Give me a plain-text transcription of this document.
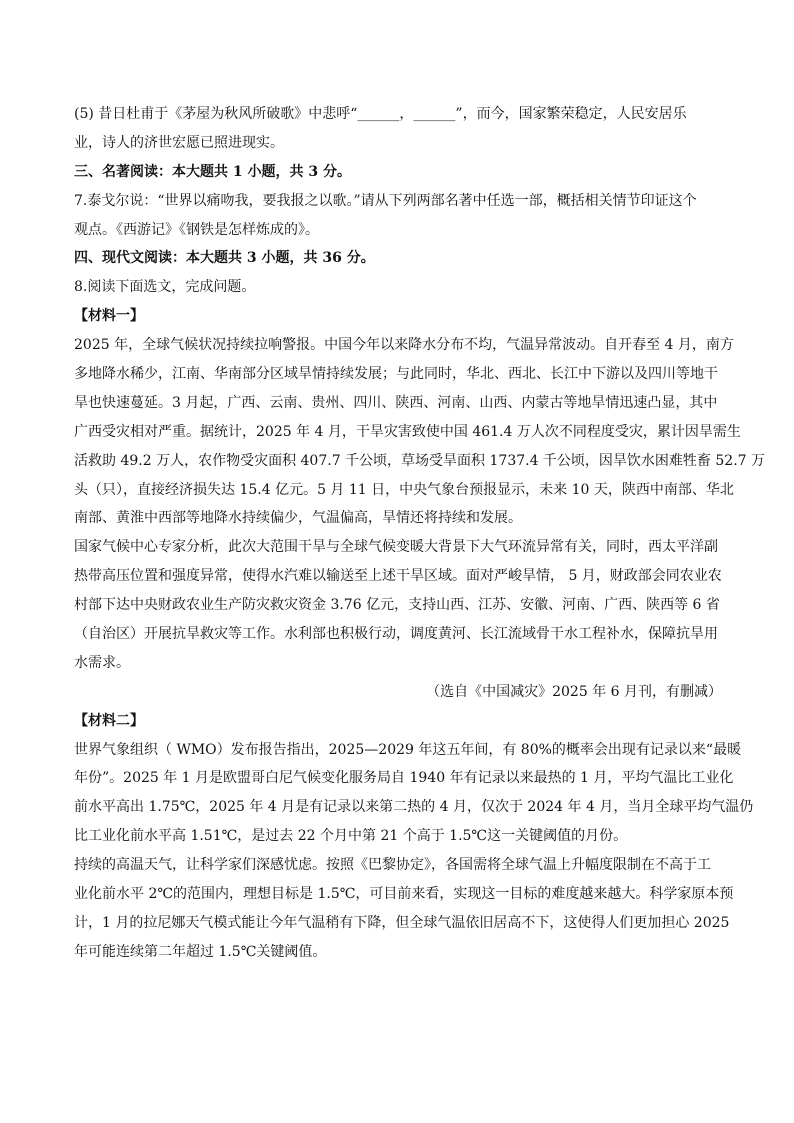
(5) 昔日杜甫于《茅屋为秋风所破歌》中悲呼“______，______”，而今，国家繁荣稳定，人民安居乐
业，诗人的济世宏愿已照进现实。
三、名著阅读：本大题共 1 小题，共 3 分。
7.泰戈尔说：“世界以痛吻我，要我报之以歌。”请从下列两部名著中任选一部，概括相关情节印证这个
观点。《西游记》《钢铁是怎样炼成的》。
四、现代文阅读：本大题共 3 小题，共 36 分。
8.阅读下面选文，完成问题。
【材料一】
2025 年，全球气候状况持续拉响警报。中国今年以来降水分布不均，气温异常波动。自开春至 4 月，南方
多地降水稀少，江南、华南部分区域旱情持续发展；与此同时，华北、西北、长江中下游以及四川等地干
旱也快速蔓延。3 月起，广西、云南、贵州、四川、陕西、河南、山西、内蒙古等地旱情迅速凸显，其中
广西受灾相对严重。据统计，2025 年 4 月，干旱灾害致使中国 461.4 万人次不同程度受灾，累计因旱需生
活救助 49.2 万人，农作物受灾面积 407.7 千公顷，草场受旱面积 1737.4 千公顷，因旱饮水困难牲畜 52.7 万
头（只），直接经济损失达 15.4 亿元。5 月 11 日，中央气象台预报显示，未来 10 天，陕西中南部、华北
南部、黄淮中西部等地降水持续偏少，气温偏高，旱情还将持续和发展。
国家气候中心专家分析，此次大范围干旱与全球气候变暖大背景下大气环流异常有关，同时，西太平洋副
热带高压位置和强度异常，使得水汽难以输送至上述干旱区域。面对严峻旱情， 5 月，财政部会同农业农
村部下达中央财政农业生产防灾救灾资金 3.76 亿元，支持山西、江苏、安徽、河南、广西、陕西等 6 省
（自治区）开展抗旱救灾等工作。水利部也积极行动，调度黄河、长江流域骨干水工程补水，保障抗旱用
水需求。
（选自《中国减灾》2025 年 6 月刊，有删减）
【材料二】
世界气象组织（ WMO）发布报告指出，2025—2029 年这五年间，有 80%的概率会出现有记录以来“最暖
年份”。2025 年 1 月是欧盟哥白尼气候变化服务局自 1940 年有记录以来最热的 1 月，平均气温比工业化
前水平高出 1.75℃，2025 年 4 月是有记录以来第二热的 4 月，仅次于 2024 年 4 月，当月全球平均气温仍
比工业化前水平高 1.51℃，是过去 22 个月中第 21 个高于 1.5℃这一关键阈值的月份。
持续的高温天气，让科学家们深感忧虑。按照《巴黎协定》，各国需将全球气温上升幅度限制在不高于工
业化前水平 2℃的范围内，理想目标是 1.5℃，可目前来看，实现这一目标的难度越来越大。科学家原本预
计，1 月的拉尼娜天气模式能让今年气温稍有下降，但全球气温依旧居高不下，这使得人们更加担心 2025
年可能连续第二年超过 1.5℃关键阈值。
